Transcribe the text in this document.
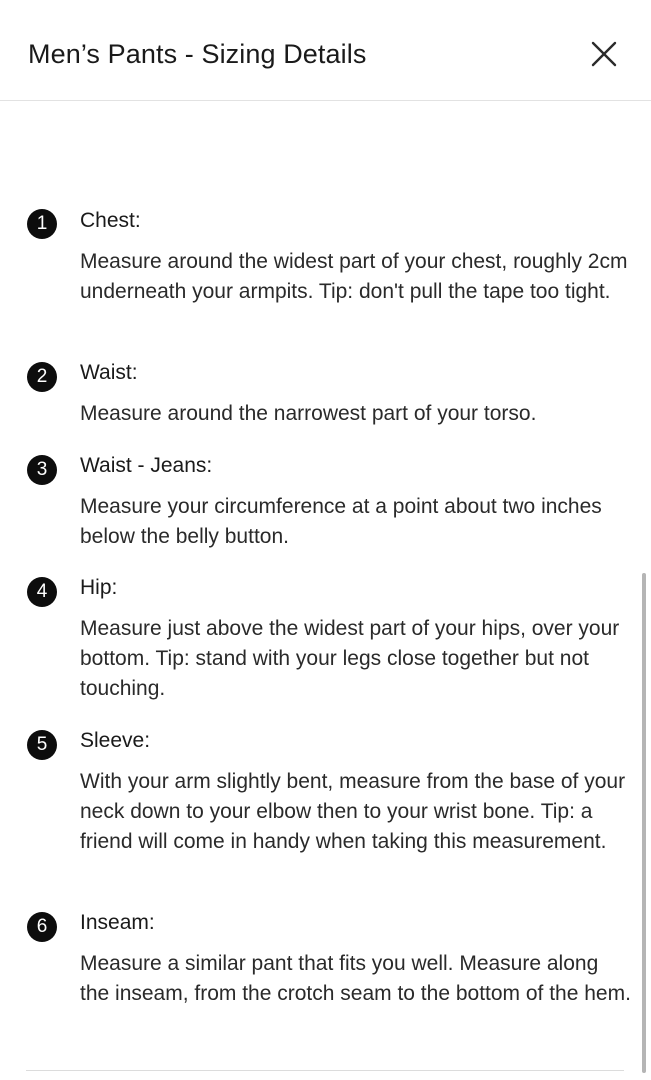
Men’s Pants - Sizing Details
1	Chest:
Measure around the widest part of your chest, roughly 2cm underneath your armpits. Tip: don't pull the tape too tight.
2	Waist:
Measure around the narrowest part of your torso.
3	Waist - Jeans:
Measure your circumference at a point about two inches below the belly button.
4	Hip:
Measure just above the widest part of your hips, over your bottom. Tip: stand with your legs close together but not touching.
5	Sleeve:
With your arm slightly bent, measure from the base of your neck down to your elbow then to your wrist bone. Tip: a friend will come in handy when taking this measurement.
6	Inseam:
Measure a similar pant that fits you well. Measure along the inseam, from the crotch seam to the bottom of the hem.
